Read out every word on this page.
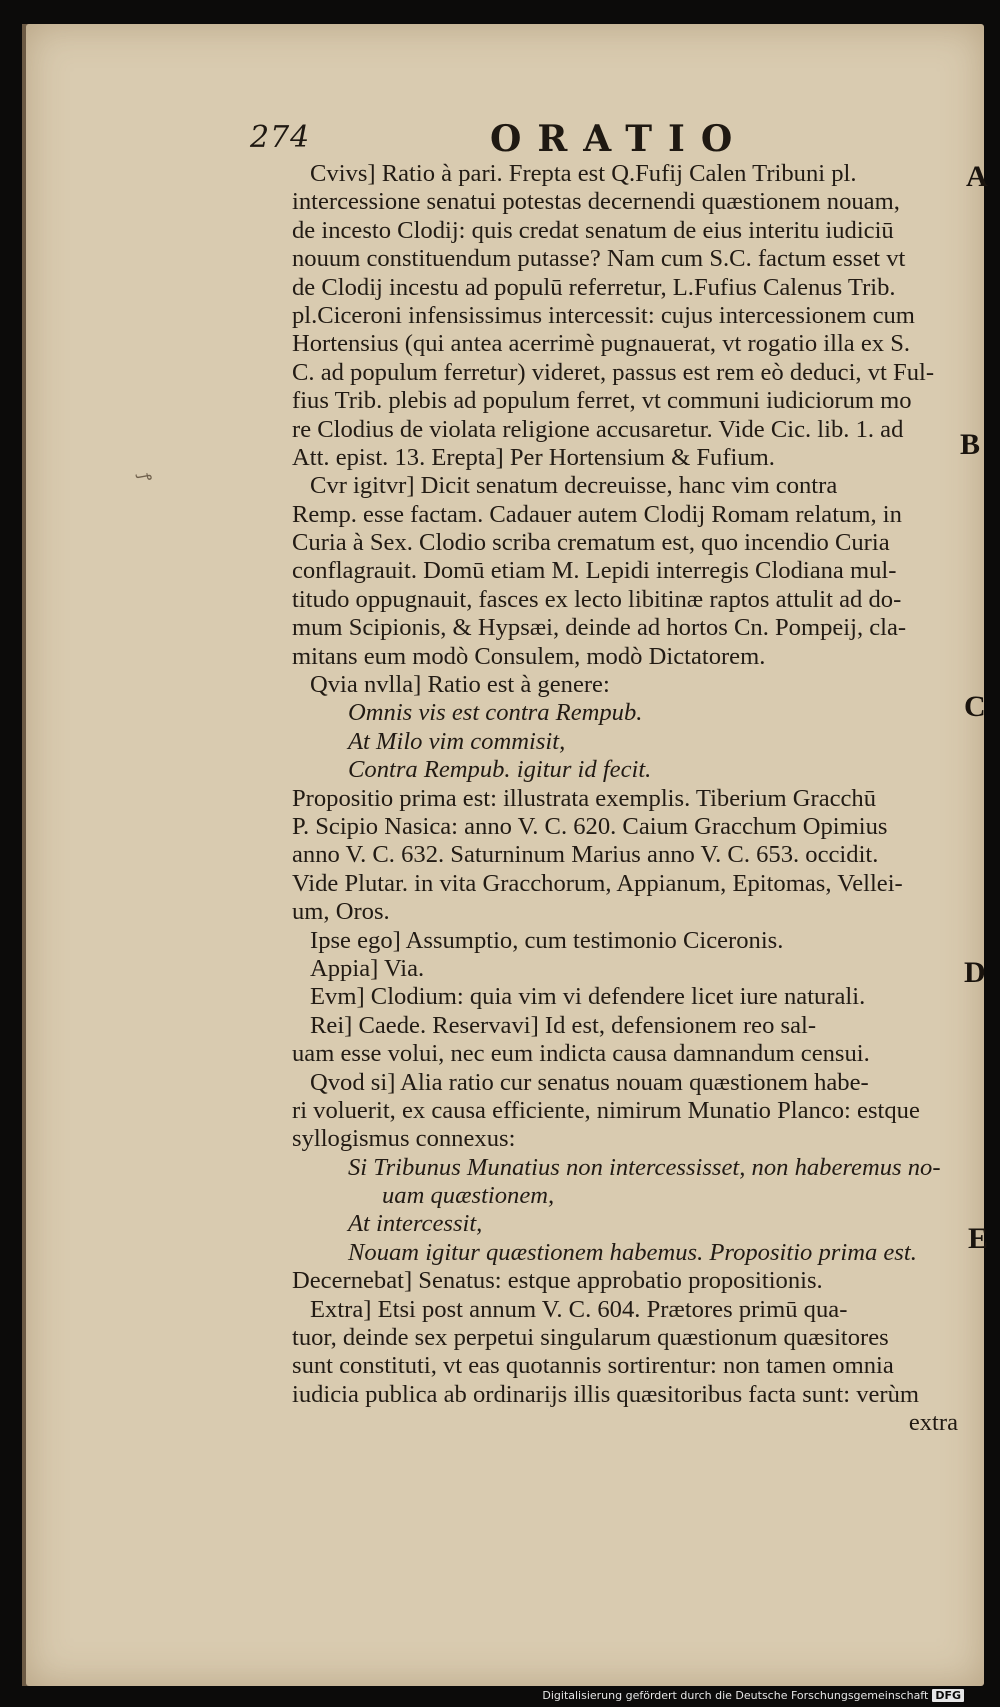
274	ORATIO
ꝭ
Cvivs] Ratio à pari. Frepta est Q.Fufij Calen Tribuni pl.
intercessione senatui potestas decernendi quæstionem nouam,
de incesto Clodij: quis credat senatum de eius interitu iudiciū
nouum constituendum putasse? Nam cum S.C. factum esset vt
de Clodij incestu ad populū referretur, L.Fufius Calenus Trib.
pl.Ciceroni infensissimus intercessit: cujus intercessionem cum
Hortensius (qui antea acerrimè pugnauerat, vt rogatio illa ex S.
C. ad populum ferretur) videret, passus est rem eò deduci, vt Ful-
fius Trib. plebis ad populum ferret, vt communi iudiciorum mo
re Clodius de violata religione accusaretur. Vide Cic. lib. 1. ad
Att. epist. 13. Erepta] Per Hortensium & Fufium.
Cvr igitvr] Dicit senatum decreuisse, hanc vim contra
Remp. esse factam. Cadauer autem Clodij Romam relatum, in
Curia à Sex. Clodio scriba crematum est, quo incendio Curia
conflagrauit. Domū etiam M. Lepidi interregis Clodiana mul-
titudo oppugnauit, fasces ex lecto libitinæ raptos attulit ad do-
mum Scipionis, & Hypsæi, deinde ad hortos Cn. Pompeij, cla-
mitans eum modò Consulem, modò Dictatorem.
Qvia nvlla] Ratio est à genere:
Omnis vis est contra Rempub.
At Milo vim commisit,
Contra Rempub. igitur id fecit.
Propositio prima est: illustrata exemplis. Tiberium Gracchū
P. Scipio Nasica: anno V. C. 620. Caium Gracchum Opimius
anno V. C. 632. Saturninum Marius anno V. C. 653. occidit.
Vide Plutar. in vita Gracchorum, Appianum, Epitomas, Vellei-
um, Oros.
Ipse ego] Assumptio, cum testimonio Ciceronis.
Appia] Via.
Evm] Clodium: quia vim vi defendere licet iure naturali.
Rei] Caede. Reservavi] Id est, defensionem reo sal-
uam esse volui, nec eum indicta causa damnandum censui.
Qvod si] Alia ratio cur senatus nouam quæstionem habe-
ri voluerit, ex causa efficiente, nimirum Munatio Planco: estque
syllogismus connexus:
Si Tribunus Munatius non intercessisset, non haberemus no-
uam quæstionem,
At intercessit,
Nouam igitur quæstionem habemus. Propositio prima est.
Decernebat] Senatus: estque approbatio propositionis.
Extra] Etsi post annum V. C. 604. Prætores primū qua-
tuor, deinde sex perpetui singularum quæstionum quæsitores
sunt constituti, vt eas quotannis sortirentur: non tamen omnia
iudicia publica ab ordinarijs illis quæsitoribus facta sunt: verùm
extra
A
B
C
D
E
Digitalisierung gefördert durch die Deutsche Forschungsgemeinschaft DFG
